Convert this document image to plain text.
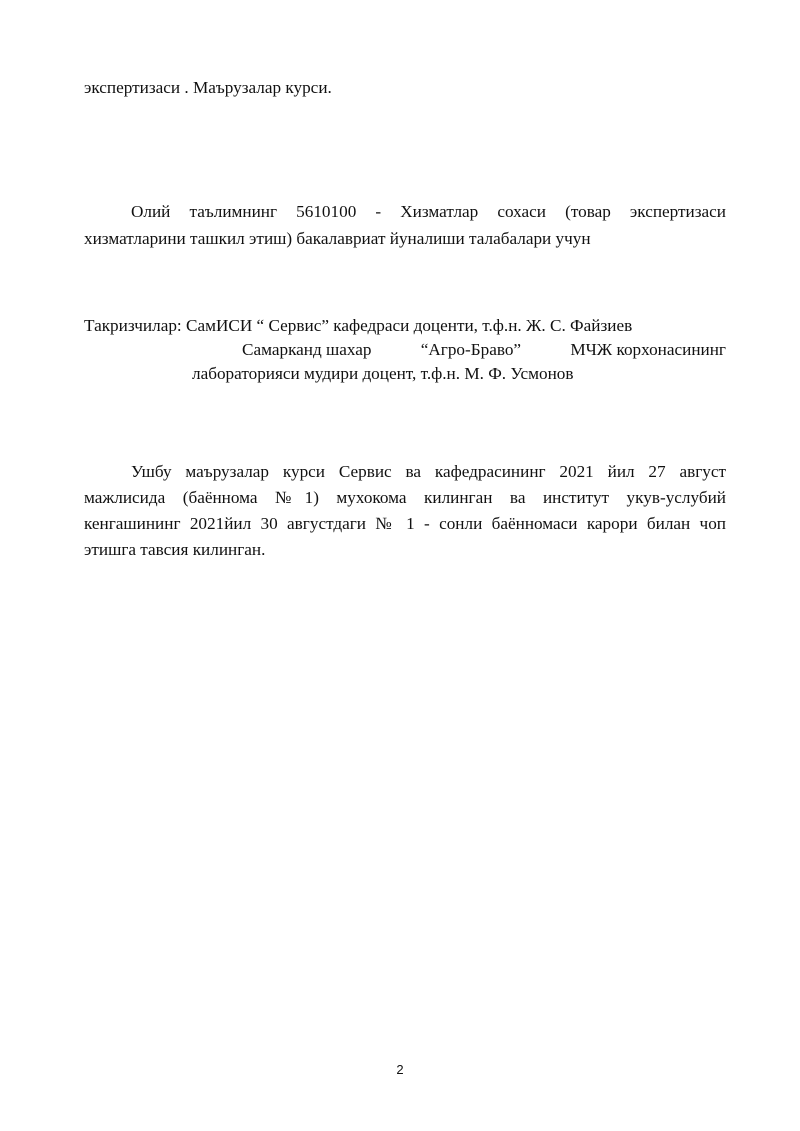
экспертизаси . Маърузалар курси.
Олий таълимнинг 5610100 - Хизматлар сохаси (товар экспертизаси
хизматларини ташкил этиш) бакалавриат йуналиши талабалари учун
Такризчилар: СамИСИ “ Сервис” кафедраси доценти, т.ф.н. Ж. С. Файзиев
Самарканд шахар	“Агро-Браво”	МЧЖ корхонасининг
лабораторияси мудири доцент, т.ф.н. М. Ф. Усмонов
Ушбу маърузалар курси Сервис ва кафедрасининг 2021 йил 27 август
мажлисида (баённома №1) мухокома килинган ва институт укув-услубий
кенгашининг 2021йил 30 августдаги № 1 - сонли баённомаси карори билан чоп
этишга тавсия килинган.
2
